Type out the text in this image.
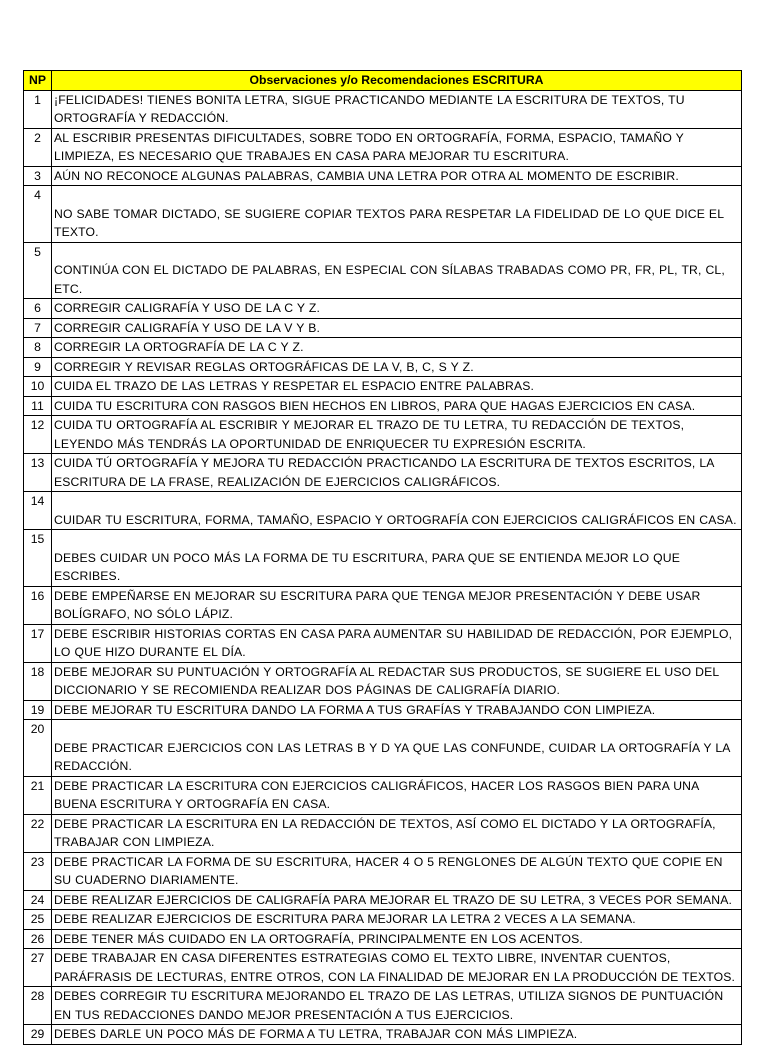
NP	Observaciones y/o Recomendaciones ESCRITURA
1	¡FELICIDADES! TIENES BONITA LETRA, SIGUE PRACTICANDO MEDIANTE LA ESCRITURA DE TEXTOS, TU ORTOGRAFÍA Y REDACCIÓN.
2	AL ESCRIBIR PRESENTAS DIFICULTADES, SOBRE TODO EN ORTOGRAFÍA, FORMA, ESPACIO, TAMAÑO Y LIMPIEZA, ES NECESARIO QUE TRABAJES EN CASA PARA MEJORAR TU ESCRITURA.
3	AÚN NO RECONOCE ALGUNAS PALABRAS, CAMBIA UNA LETRA POR OTRA AL MOMENTO DE ESCRIBIR.
4	NO SABE TOMAR DICTADO, SE SUGIERE COPIAR TEXTOS PARA RESPETAR LA FIDELIDAD DE LO QUE DICE EL TEXTO.
5	CONTINÚA CON EL DICTADO DE PALABRAS, EN ESPECIAL CON SÍLABAS TRABADAS COMO PR, FR, PL, TR, CL, ETC.
6	CORREGIR CALIGRAFÍA Y USO DE LA C Y Z.
7	CORREGIR CALIGRAFÍA Y USO DE LA V Y B.
8	CORREGIR LA ORTOGRAFÍA DE LA C Y Z.
9	CORREGIR Y REVISAR REGLAS ORTOGRÁFICAS DE LA V, B, C, S Y Z.
10	CUIDA EL TRAZO DE LAS LETRAS Y RESPETAR EL ESPACIO ENTRE PALABRAS.
11	CUIDA TU ESCRITURA CON RASGOS BIEN HECHOS EN LIBROS, PARA QUE HAGAS EJERCICIOS EN CASA.
12	CUIDA TU ORTOGRAFÍA AL ESCRIBIR Y MEJORAR EL TRAZO DE TU LETRA, TU REDACCIÓN DE TEXTOS, LEYENDO MÁS TENDRÁS LA OPORTUNIDAD DE ENRIQUECER TU EXPRESIÓN ESCRITA.
13	CUIDA TÚ ORTOGRAFÍA Y MEJORA TU REDACCIÓN PRACTICANDO LA ESCRITURA DE TEXTOS ESCRITOS, LA ESCRITURA DE LA FRASE, REALIZACIÓN DE EJERCICIOS CALIGRÁFICOS.
14	CUIDAR TU ESCRITURA, FORMA, TAMAÑO, ESPACIO Y ORTOGRAFÍA CON EJERCICIOS CALIGRÁFICOS EN CASA.
15	DEBES CUIDAR UN POCO MÁS LA FORMA DE TU ESCRITURA, PARA QUE SE ENTIENDA MEJOR LO QUE ESCRIBES.
16	DEBE EMPEÑARSE EN MEJORAR SU ESCRITURA PARA QUE TENGA MEJOR PRESENTACIÓN Y DEBE USAR BOLÍGRAFO, NO SÓLO LÁPIZ.
17	DEBE ESCRIBIR HISTORIAS CORTAS EN CASA PARA AUMENTAR SU HABILIDAD DE REDACCIÓN, POR EJEMPLO, LO QUE HIZO DURANTE EL DÍA.
18	DEBE MEJORAR SU PUNTUACIÓN Y ORTOGRAFÍA AL REDACTAR SUS PRODUCTOS, SE SUGIERE EL USO DEL DICCIONARIO Y SE RECOMIENDA REALIZAR DOS PÁGINAS DE CALIGRAFÍA DIARIO.
19	DEBE MEJORAR TU ESCRITURA DANDO LA FORMA A TUS GRAFÍAS Y TRABAJANDO CON LIMPIEZA.
20	DEBE PRACTICAR EJERCICIOS CON LAS LETRAS B Y D YA QUE LAS CONFUNDE, CUIDAR LA ORTOGRAFÍA Y LA REDACCIÓN.
21	DEBE PRACTICAR LA ESCRITURA CON EJERCICIOS CALIGRÁFICOS, HACER LOS RASGOS BIEN PARA UNA BUENA ESCRITURA Y ORTOGRAFÍA EN CASA.
22	DEBE PRACTICAR LA ESCRITURA EN LA REDACCIÓN DE TEXTOS, ASÍ COMO EL DICTADO Y LA ORTOGRAFÍA, TRABAJAR CON LIMPIEZA.
23	DEBE PRACTICAR LA FORMA DE SU ESCRITURA, HACER 4 O 5 RENGLONES DE ALGÚN TEXTO QUE COPIE EN SU CUADERNO DIARIAMENTE.
24	DEBE REALIZAR EJERCICIOS DE CALIGRAFÍA PARA MEJORAR EL TRAZO DE SU LETRA, 3 VECES POR SEMANA.
25	DEBE REALIZAR EJERCICIOS DE ESCRITURA PARA MEJORAR LA LETRA 2 VECES A LA SEMANA.
26	DEBE TENER MÁS CUIDADO EN LA ORTOGRAFÍA, PRINCIPALMENTE EN LOS ACENTOS.
27	DEBE TRABAJAR EN CASA DIFERENTES ESTRATEGIAS COMO EL TEXTO LIBRE, INVENTAR CUENTOS, PARÁFRASIS DE LECTURAS, ENTRE OTROS, CON LA FINALIDAD DE MEJORAR EN LA PRODUCCIÓN DE TEXTOS.
28	DEBES CORREGIR TU ESCRITURA MEJORANDO EL TRAZO DE LAS LETRAS, UTILIZA SIGNOS DE PUNTUACIÓN EN TUS REDACCIONES DANDO MEJOR PRESENTACIÓN A TUS EJERCICIOS.
29	DEBES DARLE UN POCO MÁS DE FORMA A TU LETRA, TRABAJAR CON MÁS LIMPIEZA.
